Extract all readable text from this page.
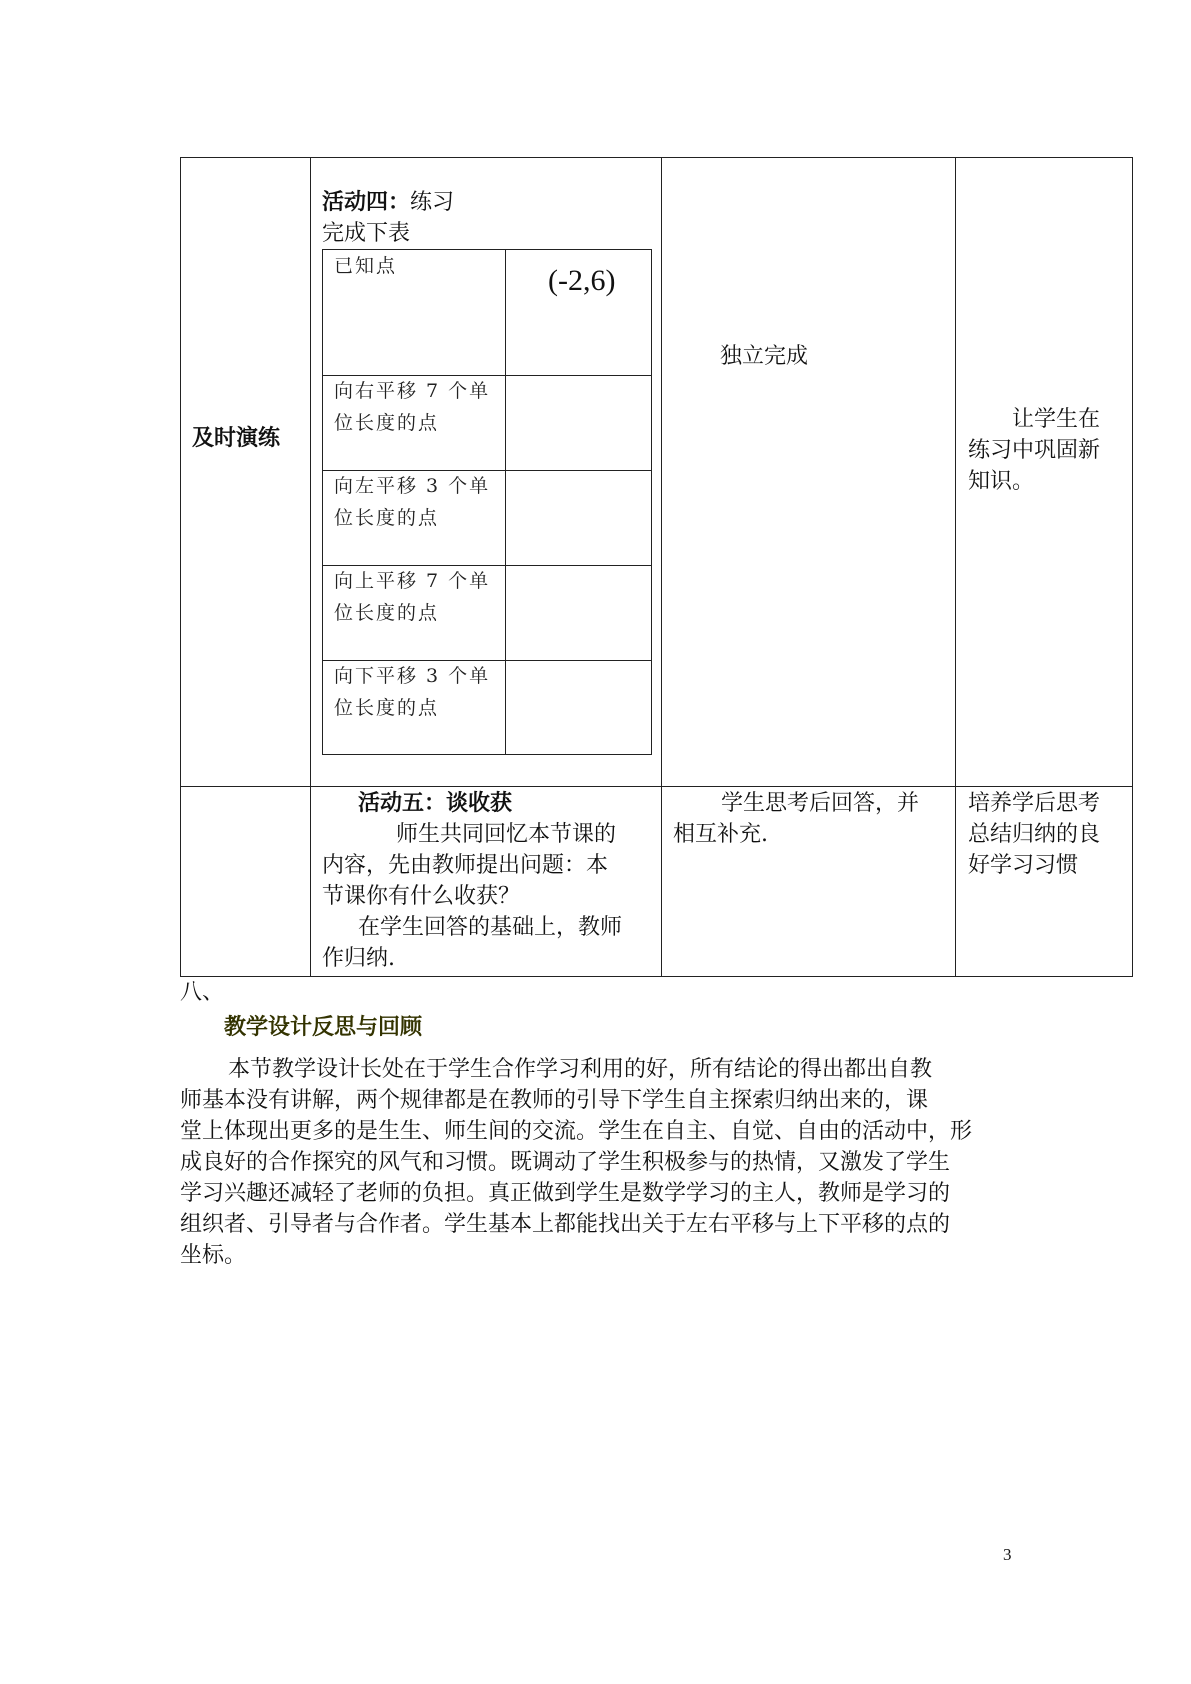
及时演练
活动四：练习
完成下表
已知点	(-2,6)
向右平移 7 个单
位长度的点
向左平移 3 个单
位长度的点
向上平移 7 个单
位长度的点
向下平移 3 个单
位长度的点
独立完成
让学生在
练习中巩固新
知识。
活动五：谈收获
师生共同回忆本节课的
内容，先由教师提出问题：本
节课你有什么收获？
在学生回答的基础上，教师
作归纳.
学生思考后回答，并
相互补充.
培养学后思考
总结归纳的良
好学习习惯
八、
教学设计反思与回顾
本节教学设计长处在于学生合作学习利用的好，所有结论的得出都出自教
师基本没有讲解，两个规律都是在教师的引导下学生自主探索归纳出来的，课
堂上体现出更多的是生生、师生间的交流。学生在自主、自觉、自由的活动中，形
成良好的合作探究的风气和习惯。既调动了学生积极参与的热情，又激发了学生
学习兴趣还减轻了老师的负担。真正做到学生是数学学习的主人，教师是学习的
组织者、引导者与合作者。学生基本上都能找出关于左右平移与上下平移的点的
坐标。
3
